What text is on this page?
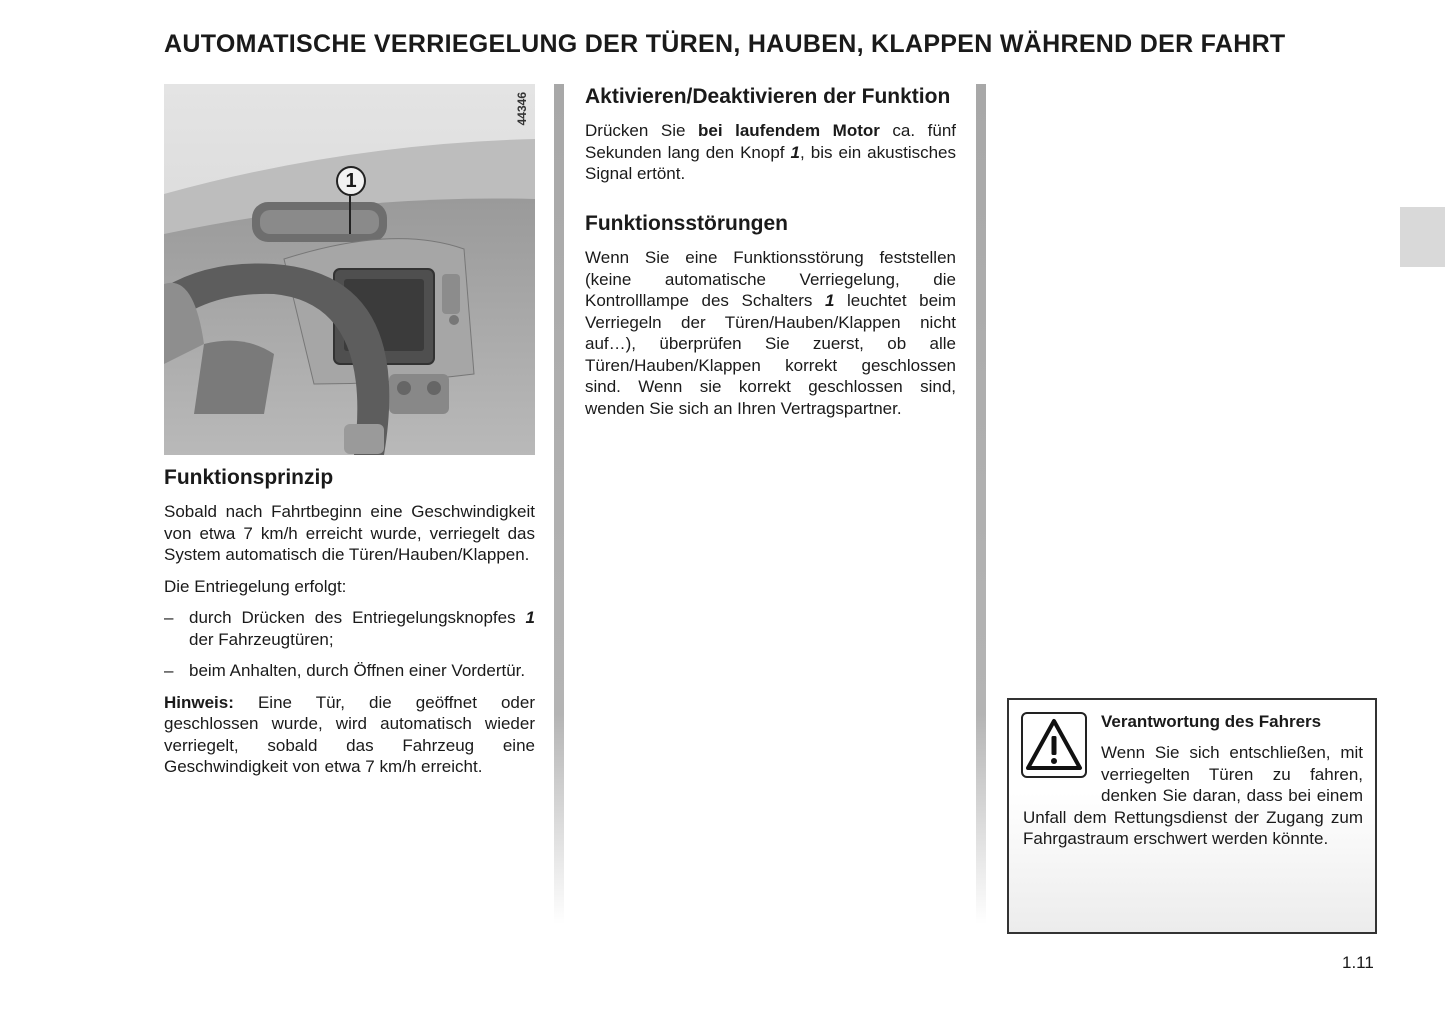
AUTOMATISCHE VERRIEGELUNG DER TÜREN, HAUBEN, KLAPPEN WÄHREND DER FAHRT
44346
1
Funktionsprinzip

Sobald nach Fahrtbeginn eine Geschwindigkeit von etwa 7 km/h erreicht wurde, verriegelt das System automatisch die Türen/Hauben/Klappen.

Die Entriegelung erfolgt:

– durch Drücken des Entriegelungsknopfes 1 der Fahrzeugtüren;
– beim Anhalten, durch Öffnen einer Vordertür.

Hinweis: Eine Tür, die geöffnet oder geschlossen wurde, wird automatisch wieder verriegelt, sobald das Fahrzeug eine Geschwindigkeit von etwa 7 km/h erreicht.

Aktivieren/Deaktivieren der Funktion

Drücken Sie bei laufendem Motor ca. fünf Sekunden lang den Knopf 1, bis ein akustisches Signal ertönt.

Funktionsstörungen

Wenn Sie eine Funktionsstörung feststellen (keine automatische Verriegelung, die Kontrolllampe des Schalters 1 leuchtet beim Verriegeln der Türen/Hauben/Klappen nicht auf…), überprüfen Sie zuerst, ob alle Türen/Hauben/Klappen korrekt geschlossen sind. Wenn sie korrekt geschlossen sind, wenden Sie sich an Ihren Vertragspartner.

Verantwortung des Fahrers

Wenn Sie sich entschließen, mit verriegelten Türen zu fahren, denken Sie daran, dass bei einem Unfall dem Rettungsdienst der Zugang zum Fahrgastraum erschwert werden könnte.

1.11
